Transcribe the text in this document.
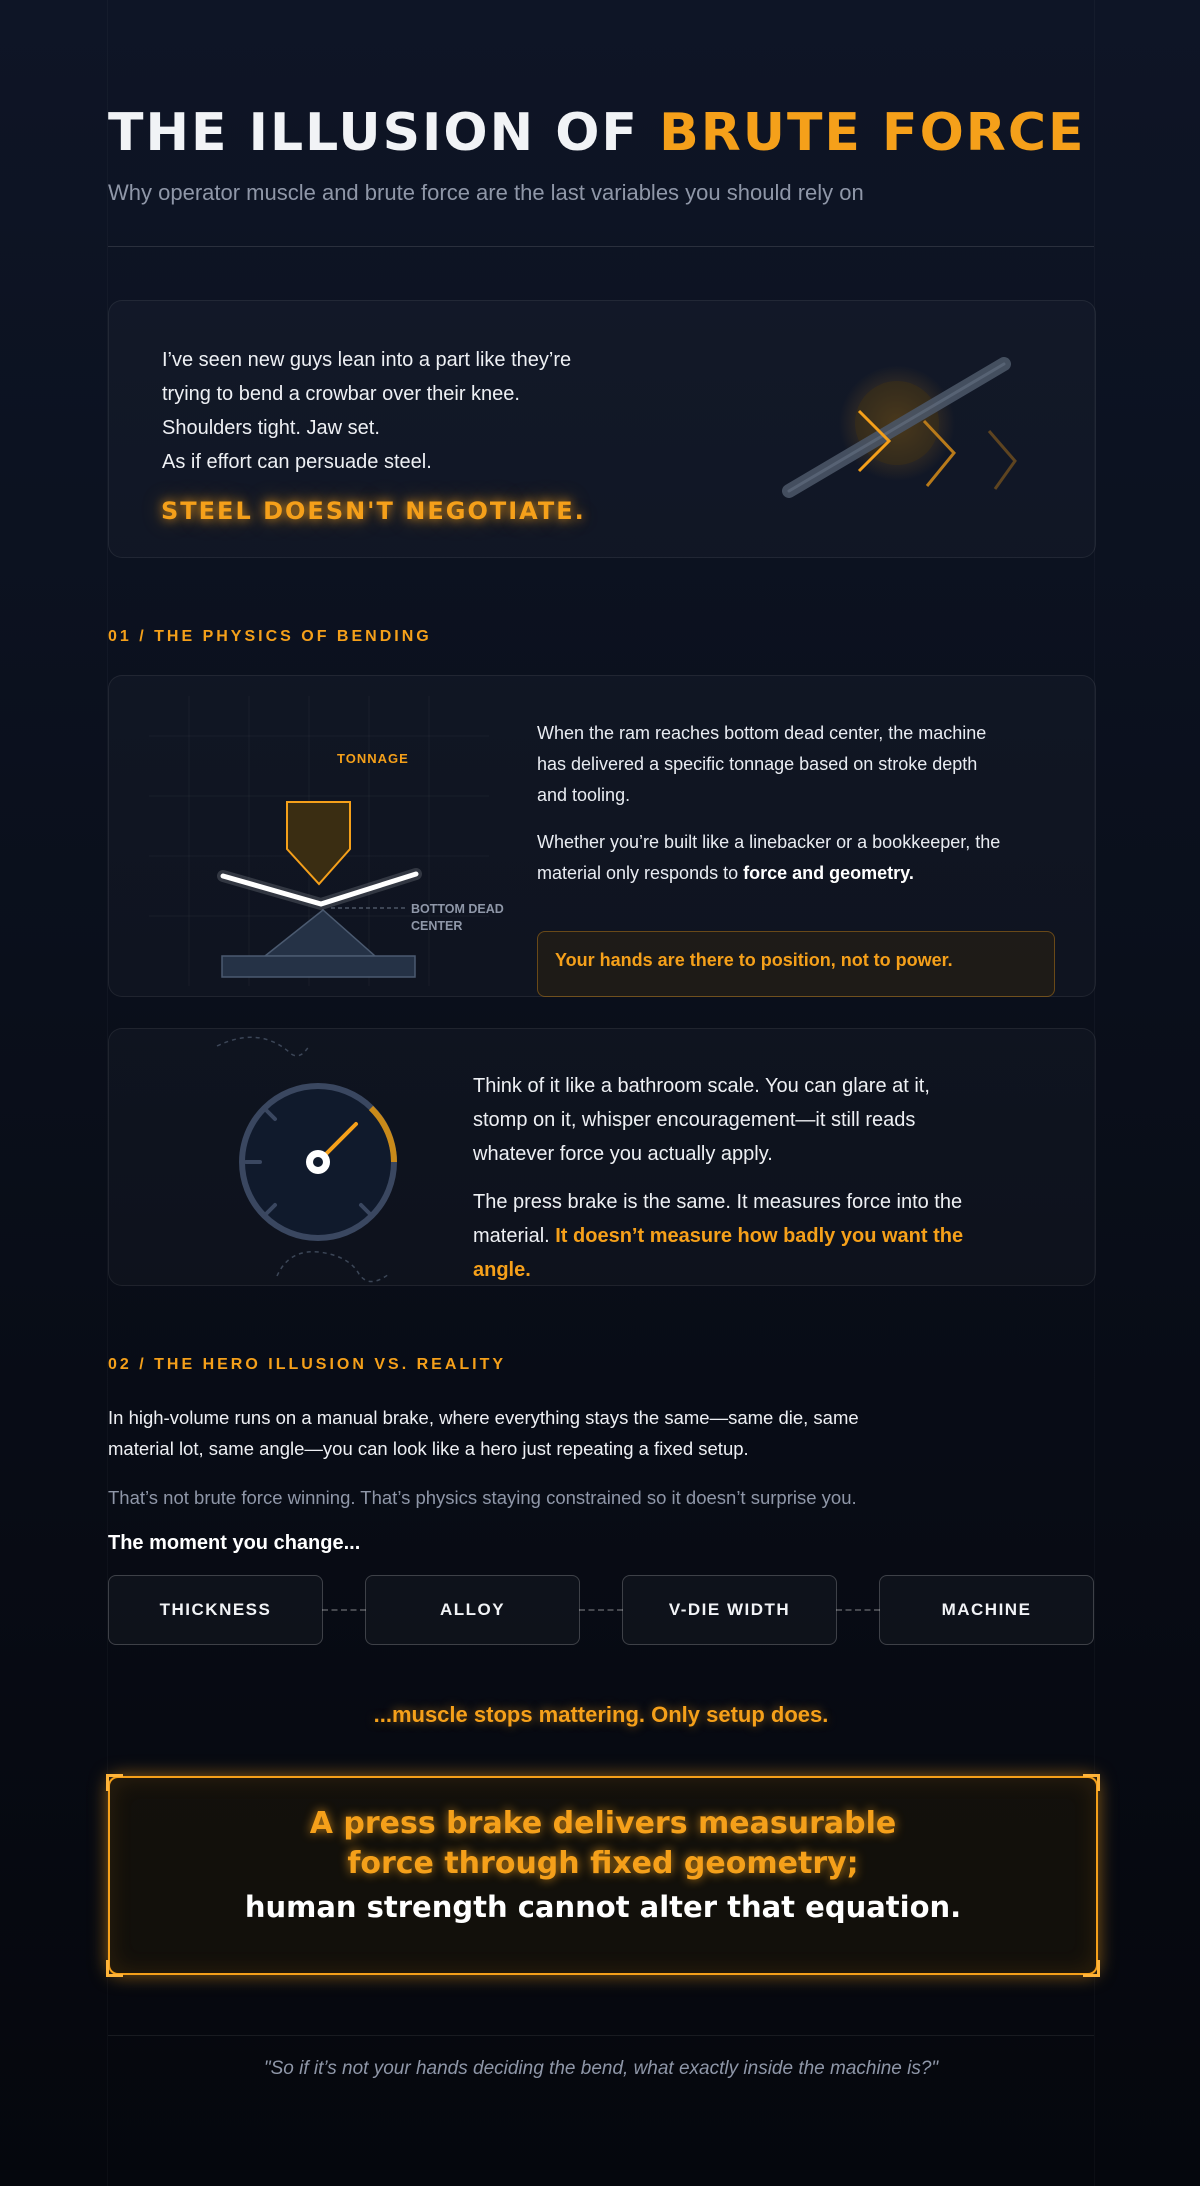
THE ILLUSION OF BRUTE FORCE
Why operator muscle and brute force are the last variables you should rely on
I’ve seen new guys lean into a part like they’re
trying to bend a crowbar over their knee.
Shoulders tight. Jaw set.
As if effort can persuade steel.
STEEL DOESN'T NEGOTIATE.
01 / THE PHYSICS OF BENDING
TONNAGE
BOTTOM DEAD
CENTER

When the ram reaches bottom dead center, the machine has delivered a specific tonnage based on stroke depth and tooling.

Whether you’re built like a linebacker or a bookkeeper, the material only responds to force and geometry.

Your hands are there to position, not to power.

Think of it like a bathroom scale. You can glare at it, stomp on it, whisper encouragement—it still reads whatever force you actually apply.

The press brake is the same. It measures force into the material. It doesn’t measure how badly you want the angle.

02 / THE HERO ILLUSION VS. REALITY
In high-volume runs on a manual brake, where everything stays the same—same die, same material lot, same angle—you can look like a hero just repeating a fixed setup.
That’s not brute force winning. That’s physics staying constrained so it doesn’t surprise you.
The moment you change...
THICKNESS	ALLOY	V-DIE WIDTH	MACHINE
...muscle stops mattering. Only setup does.
A press brake delivers measurable
force through fixed geometry;
human strength cannot alter that equation.
"So if it’s not your hands deciding the bend, what exactly inside the machine is?"
